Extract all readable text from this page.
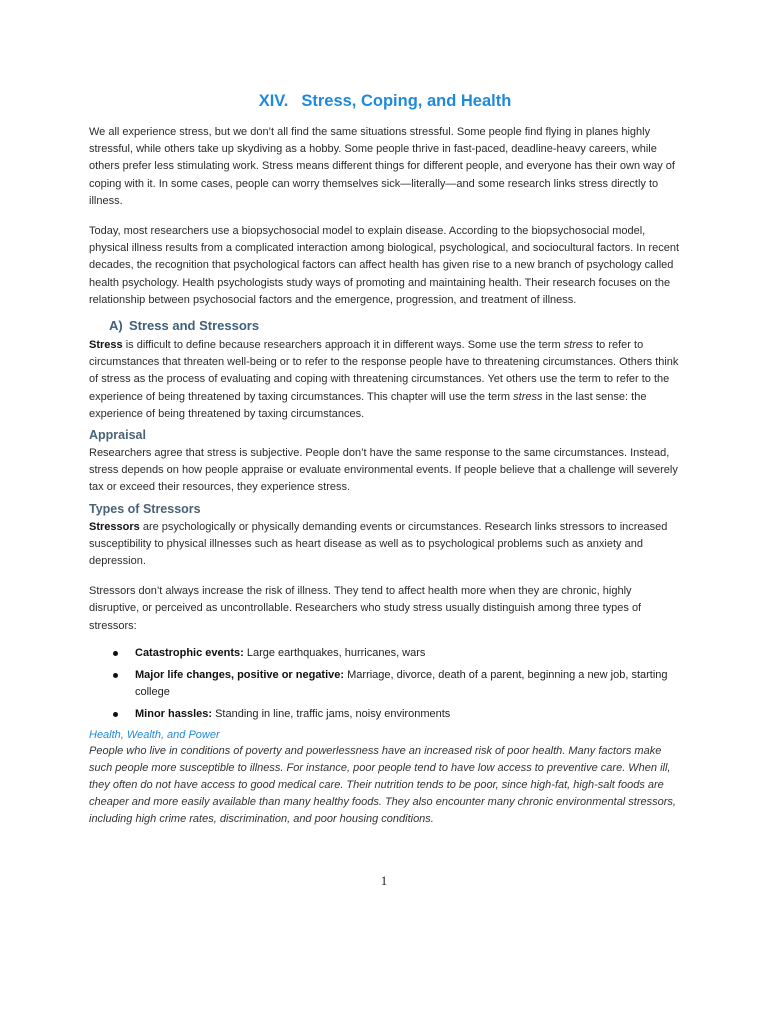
XIV. Stress, Coping, and Health

We all experience stress, but we don’t all find the same situations stressful. Some people find flying in planes highly stressful, while others take up skydiving as a hobby. Some people thrive in fast-paced, deadline-heavy careers, while others prefer less stimulating work. Stress means different things for different people, and everyone has their own way of coping with it. In some cases, people can worry themselves sick—literally—and some research links stress directly to illness.

Today, most researchers use a biopsychosocial model to explain disease. According to the biopsychosocial model, physical illness results from a complicated interaction among biological, psychological, and sociocultural factors. In recent decades, the recognition that psychological factors can affect health has given rise to a new branch of psychology called health psychology. Health psychologists study ways of promoting and maintaining health. Their research focuses on the relationship between psychosocial factors and the emergence, progression, and treatment of illness.

A) Stress and Stressors

Stress is difficult to define because researchers approach it in different ways. Some use the term stress to refer to circumstances that threaten well-being or to refer to the response people have to threatening circumstances. Others think of stress as the process of evaluating and coping with threatening circumstances. Yet others use the term to refer to the experience of being threatened by taxing circumstances. This chapter will use the term stress in the last sense: the experience of being threatened by taxing circumstances.

Appraisal

Researchers agree that stress is subjective. People don’t have the same response to the same circumstances. Instead, stress depends on how people appraise or evaluate environmental events. If people believe that a challenge will severely tax or exceed their resources, they experience stress.

Types of Stressors

Stressors are psychologically or physically demanding events or circumstances. Research links stressors to increased susceptibility to physical illnesses such as heart disease as well as to psychological problems such as anxiety and depression.

Stressors don’t always increase the risk of illness. They tend to affect health more when they are chronic, highly disruptive, or perceived as uncontrollable. Researchers who study stress usually distinguish among three types of stressors:

Catastrophic events: Large earthquakes, hurricanes, wars
Major life changes, positive or negative: Marriage, divorce, death of a parent, beginning a new job, starting college
Minor hassles: Standing in line, traffic jams, noisy environments
Health, Wealth, and Power

People who live in conditions of poverty and powerlessness have an increased risk of poor health. Many factors make such people more susceptible to illness. For instance, poor people tend to have low access to preventive care. When ill, they often do not have access to good medical care. Their nutrition tends to be poor, since high-fat, high-salt foods are cheaper and more easily available than many healthy foods. They also encounter many chronic environmental stressors, including high crime rates, discrimination, and poor housing conditions.

1
